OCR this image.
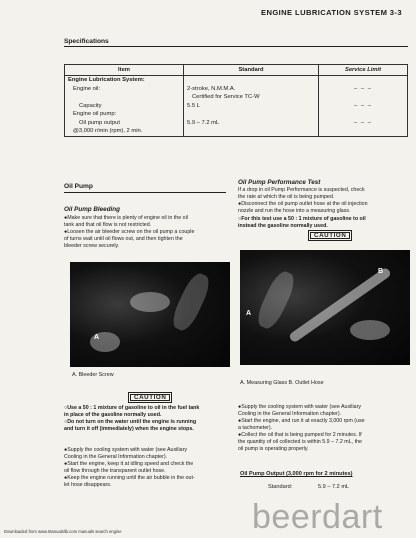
ENGINE LUBRICATION SYSTEM 3-3
Specifications
Item	Standard	Service Limit
Engine Lubrication System:		
Engine oil:	2-stroke, N.M.M.A.	– – –
	Certified for Service TC-W	
Capacity	5.5 L	– – –
Engine oil pump:		
Oil pump output	5.9 – 7.2 mL	– – –
@3,000 r/min (rpm), 2 min.		
Oil Pump
Oil Pump Bleeding
●Make sure that there is plenty of engine oil in the oil
tank and that oil flow is not restricted.
●Loosen the air bleeder screw on the oil pump a couple
of turns wait until oil flows out, and then tighten the
bleeder screw securely.
A
A. Bleeder Screw
CAUTION
○Use a 50 : 1 mixture of gasoline to oil in the fuel tank
in place of the gasoline normally used.
○Do not turn on the water until the engine is running
and turn it off (immediately) when the engine stops.
●Supply the cooling system with water (see Auxiliary
Cooling in the General Information chapter).
●Start the engine, keep it at idling speed and check the
oil flow through the transparent outlet hose.
●Keep the engine running until the air bubble in the out-
let hose disappears.
Oil Pump Performance Test
If a drop in oil Pump Performance is suspected, check
the rate at which the oil is being pumped.
●Disconnect the oil pump outlet hose at the oil injection
nozzle and run the hose into a measuring glass.
○For this test use a 50 : 1 mixture of gasoline to oil
instead the gasoline normally used.
CAUTION
A
B
A. Measuring Glass B. Outlet Hose
●Supply the cooling system with water (see Auxiliary
Cooling in the General Information chapter).
●Start the engine, and run it at exactly 3,000 rpm (use
a tachometer).
●Collect the oil that is being pumped for 2 minutes. If
the quantity of oil collected is within 5.9 – 7.2 mL, the
oil pump is operating properly.
Oil Pump Output (3,000 rpm for 2 minutes)
Standard:	5.9 – 7.2 mL
beerdart
Downloaded from www.Manualslib.com manuals search engine
